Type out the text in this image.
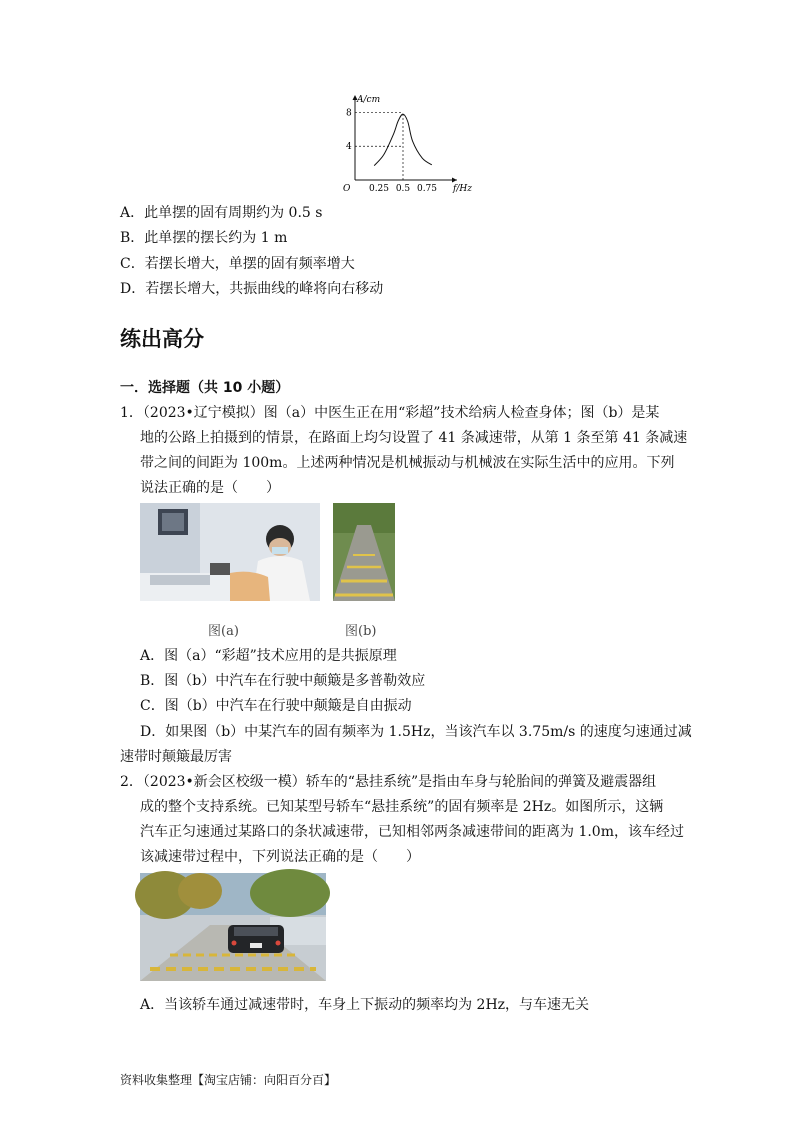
A/cm
f/Hz
O
4
8
0.25 0.5 0.75
A．此单摆的固有周期约为 0.5 s
B．此单摆的摆长约为 1 m
C．若摆长增大，单摆的固有频率增大
D．若摆长增大，共振曲线的峰将向右移动
练出高分
一．选择题（共 10 小题）
1．（2023•辽宁模拟）图（a）中医生正在用“彩超”技术给病人检查身体；图（b）是某
地的公路上拍摄到的情景，在路面上均匀设置了 41 条减速带，从第 1 条至第 41 条减速
带之间的间距为 100m。上述两种情况是机械振动与机械波在实际生活中的应用。下列
说法正确的是（　　）
图(a)	图(b)
A．图（a）“彩超”技术应用的是共振原理
B．图（b）中汽车在行驶中颠簸是多普勒效应
C．图（b）中汽车在行驶中颠簸是自由振动
D．如果图（b）中某汽车的固有频率为 1.5Hz，当该汽车以 3.75m/s 的速度匀速通过减
速带时颠簸最厉害
2．（2023•新会区校级一模）轿车的“悬挂系统”是指由车身与轮胎间的弹簧及避震器组
成的整个支持系统。已知某型号轿车“悬挂系统”的固有频率是 2Hz。如图所示，这辆
汽车正匀速通过某路口的条状减速带，已知相邻两条减速带间的距离为 1.0m，该车经过
该减速带过程中，下列说法正确的是（　　）
A．当该轿车通过减速带时，车身上下振动的频率均为 2Hz，与车速无关
资料收集整理【淘宝店铺：向阳百分百】
